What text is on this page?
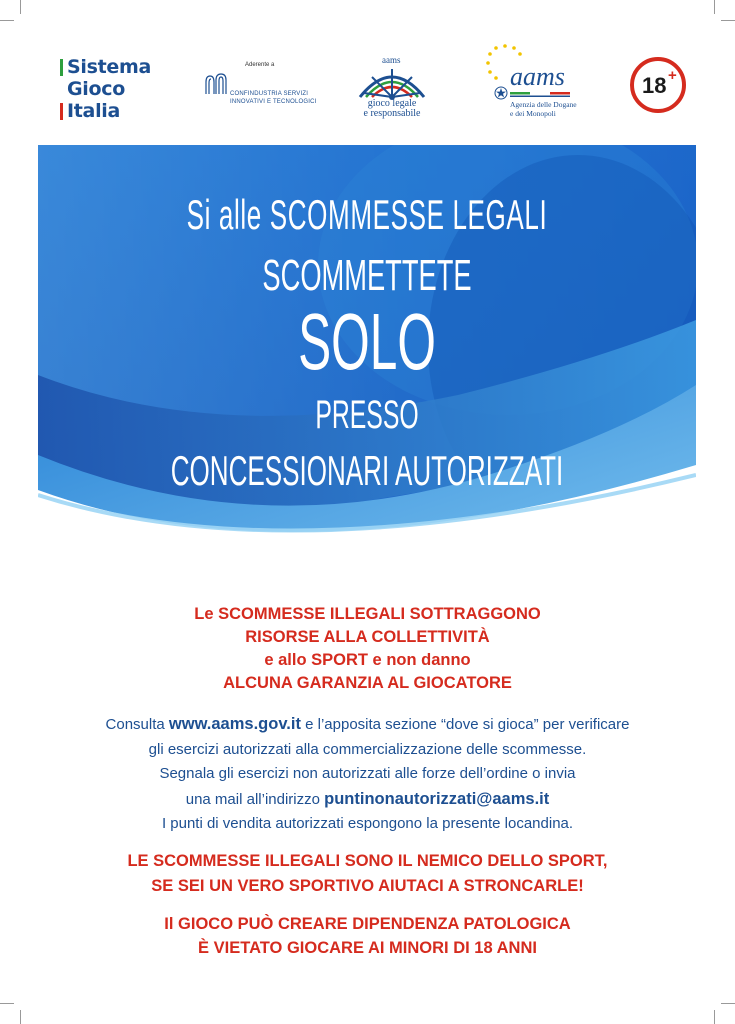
Sistema
Gioco
Italia
Aderente a
CONFINDUSTRIA SERVIZI
INNOVATIVI E TECNOLOGICI
aams
gioco legale
e responsabile
aams
Agenzia delle Dogane
e dei Monopoli
18 +
Si alle SCOMMESSE LEGALI
SCOMMETTETE
SOLO
PRESSO
CONCESSIONARI AUTORIZZATI
Le SCOMMESSE ILLEGALI SOTTRAGGONO
RISORSE ALLA COLLETTIVITÀ
e allo SPORT e non danno
ALCUNA GARANZIA AL GIOCATORE
Consulta www.aams.gov.it e l’apposita sezione “dove si gioca” per verificare
gli esercizi autorizzati alla commercializzazione delle scommesse.
Segnala gli esercizi non autorizzati alle forze dell’ordine o invia
una mail all’indirizzo puntinonautorizzati@aams.it
I punti di vendita autorizzati espongono la presente locandina.
LE SCOMMESSE ILLEGALI SONO IL NEMICO DELLO SPORT,
SE SEI UN VERO SPORTIVO AIUTACI A STRONCARLE!
Il GIOCO PUÒ CREARE DIPENDENZA PATOLOGICA
È VIETATO GIOCARE AI MINORI DI 18 ANNI
